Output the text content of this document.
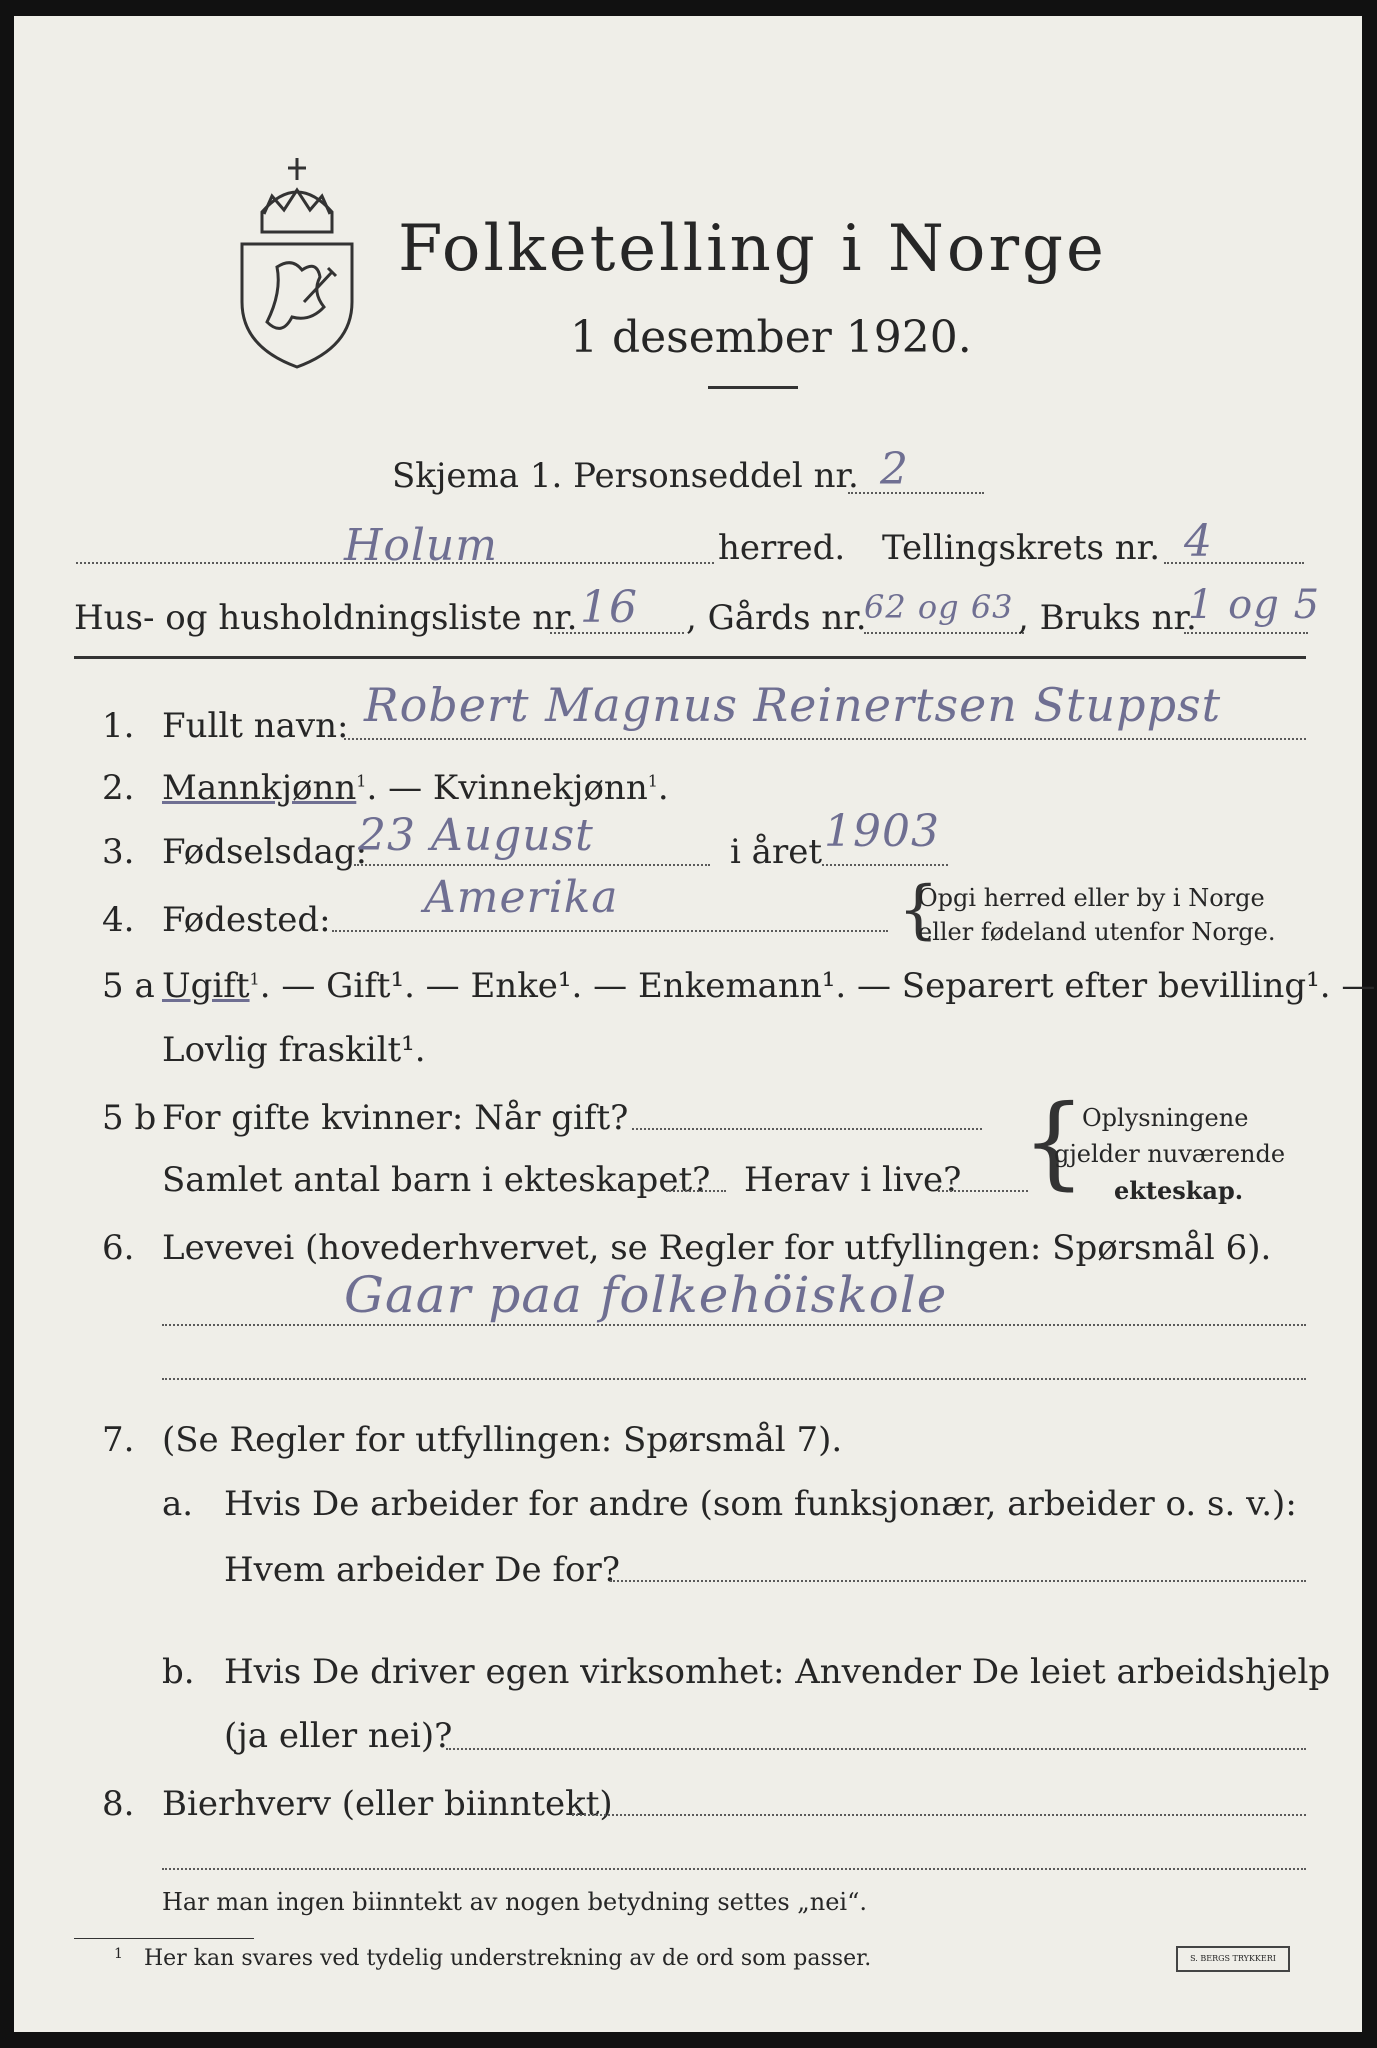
Folketelling i Norge
1 desember 1920.
Skjema 1. Personseddel nr. 2
Holum	herred. Tellingskrets nr. 4
Hus- og husholdningsliste nr. 16 , Gårds nr.
62 og 63 , Bruks nr.
1 og 5
1. Fullt navn: Robert Magnus Reinertsen Stuppst
2. Mannkjønn$^1$. — Kvinnekjønn$^1$.
3. Fødselsdag:
23 August	i året 1903
4. Fødested: Amerika	{
Opgi herred eller by i Norge
eller fødeland utenfor Norge.
5 a Ugift$^1$. — Gift¹. — Enke¹. — Enkemann¹. — Separert efter bevilling¹. —
Lovlig fraskilt¹.
5 b For gifte kvinner: Når gift?
Samlet antal barn i ekteskapet? Herav i live? {
Oplysningene
gjelder nuværende
ekteskap.
6. Levevei (hovederhvervet, se Regler for utfyllingen: Spørsmål 6).
Gaar paa folkehöiskole
7. (Se Regler for utfyllingen: Spørsmål 7).
a. Hvis De arbeider for andre (som funksjonær, arbeider o. s. v.):
Hvem arbeider De for?
b. Hvis De driver egen virksomhet: Anvender De leiet arbeidshjelp
(ja eller nei)?
8. Bierhverv (eller biinntekt)
Har man ingen biinntekt av nogen betydning settes „nei“.
1 Her kan svares ved tydelig understrekning av de ord som passer.	S. BERGS TRYKKERI
